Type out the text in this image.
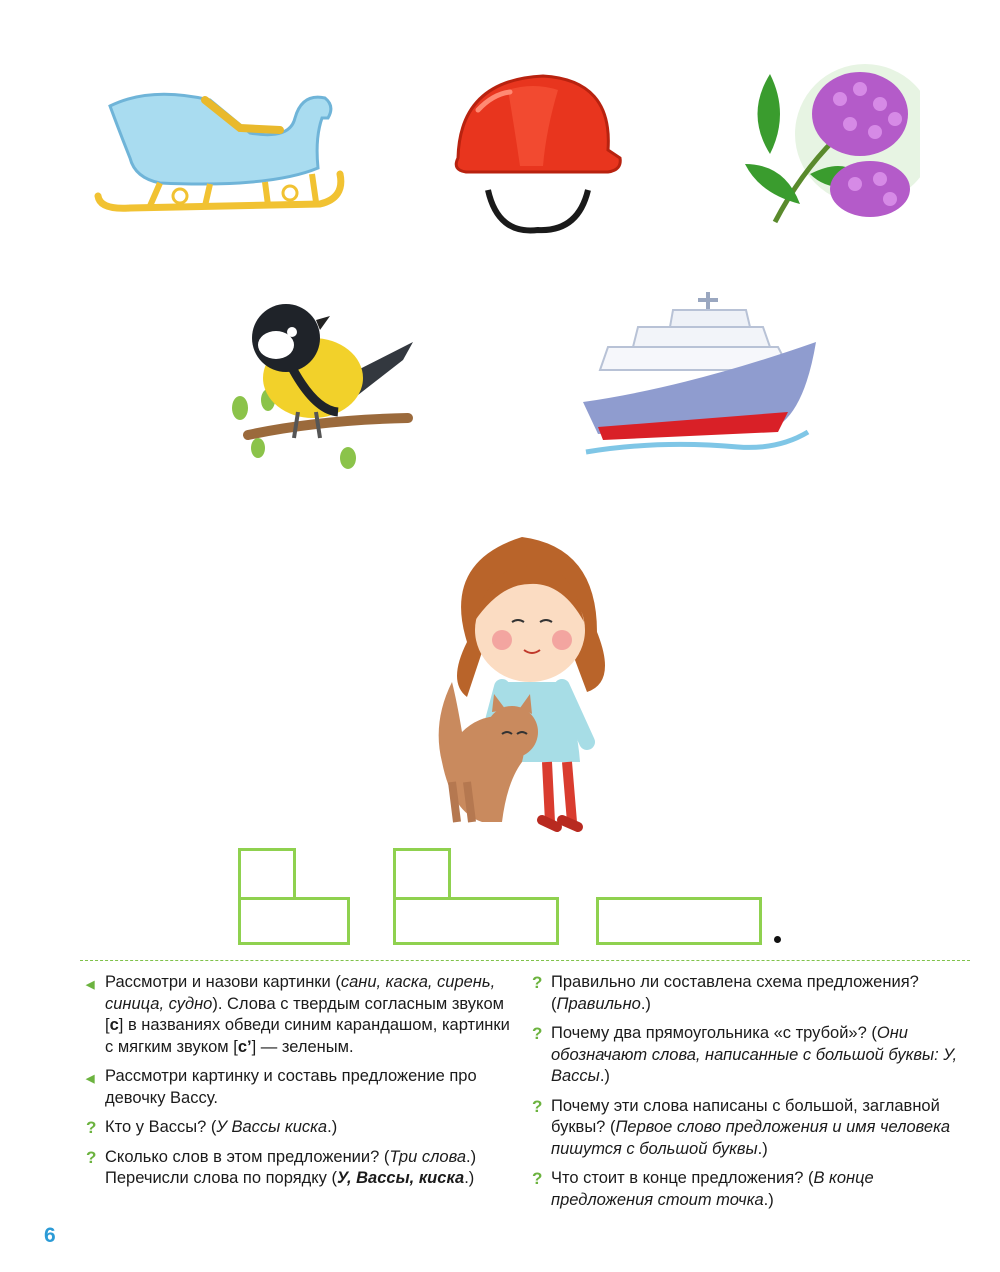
◀ Рассмотри и назови картинки (сани, каска, сирень, синица, судно). Слова с твердым согласным звуком [с] в названиях обведи синим карандашом, картинки с мягким звуком [с’] — зеленым.
◀ Рассмотри картинку и составь предложение про девочку Вассу.
? Кто у Вассы? (У Вассы киска.)
? Сколько слов в этом предложении? (Три слова.) Перечисли слова по порядку (У, Вассы, киска.)
? Правильно ли составлена схема предложения? (Правильно.)
? Почему два прямоугольника «с трубой»? (Они обозначают слова, написанные с большой буквы: У, Вассы.)
? Почему эти слова написаны с большой, заглавной буквы? (Первое слово предложения и имя человека пишутся с большой буквы.)
? Что стоит в конце предложения? (В конце предложения стоит точка.)
6
